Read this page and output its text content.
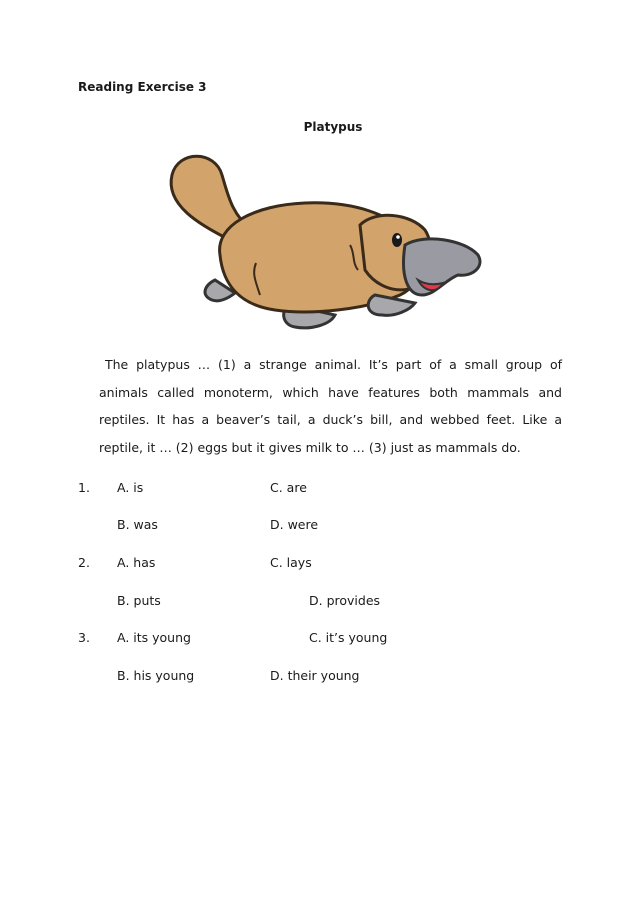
Reading Exercise 3
Platypus
The platypus … (1) a strange animal. It’s part of a small group of animals called monoterm, which have features both mammals and reptiles. It has a beaver’s tail, a duck’s bill, and webbed feet. Like a reptile, it … (2) eggs but it gives milk to … (3) just as mammals do.
1. A. is	C. are
B. was	D. were
2. A. has	C. lays
B. puts	D. provides
3. A. its young	C. it’s young
B. his young	D. their young
